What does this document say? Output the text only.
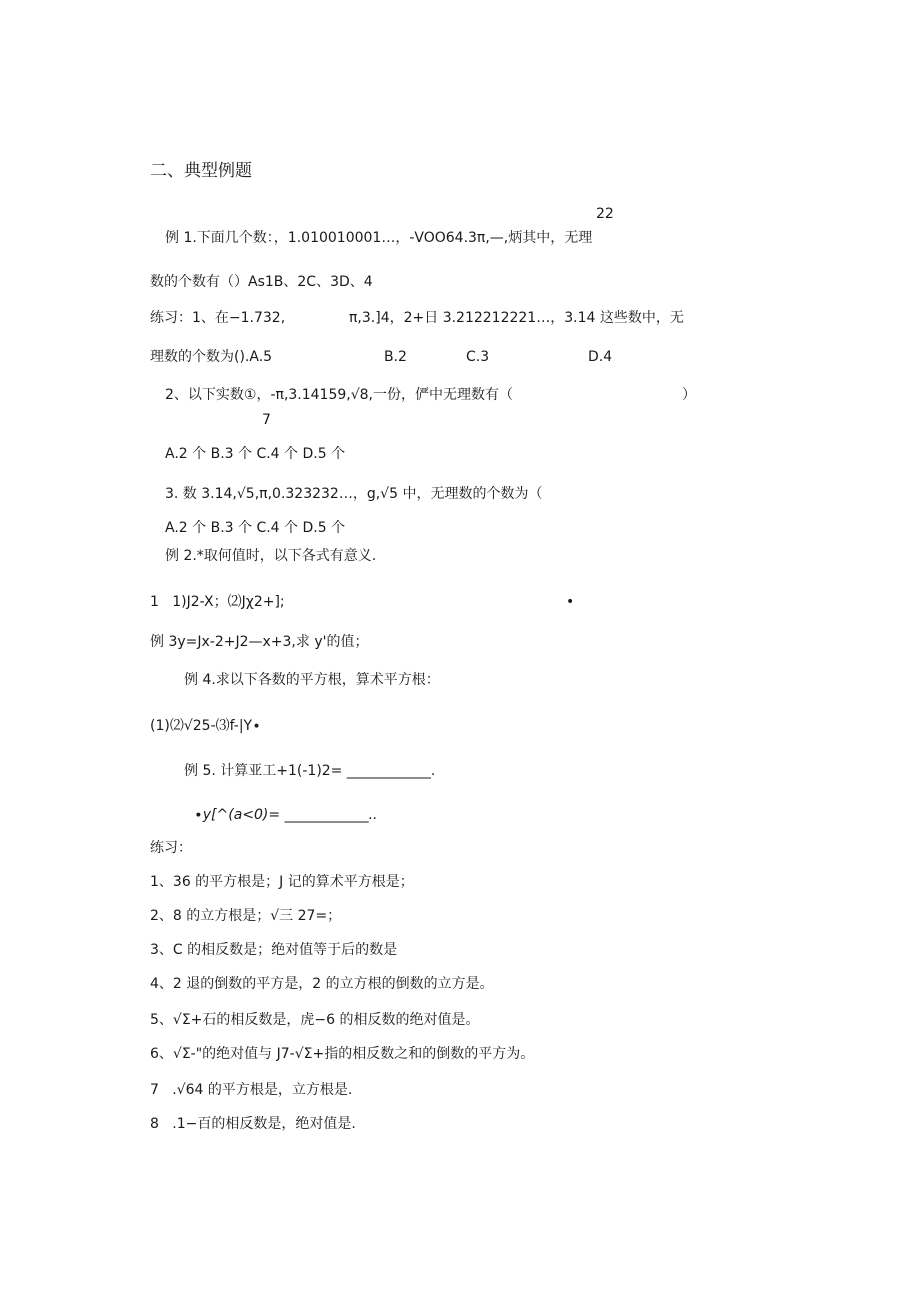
二、典型例题
22
例 1.下面几个数：，1.010010001…，-VOO64.3π,—,炳其中，无理
数的个数有（）As1B、2C、3D、4
练习：1、在−1.732,	π,3.]4，2+日 3.212212221…，3.14 这些数中，无
理数的个数为().A.5	B.2	C.3	D.4
2、以下实数①，-π,3.14159,√8,一份，俨中无理数有（	）
7
A.2 个 B.3 个 C.4 个 D.5 个
3. 数 3.14,√5,π,0.323232…，g,√5 中，无理数的个数为（
A.2 个 B.3 个 C.4 个 D.5 个
例 2.*取何值时，以下各式有意义.
1   1)J2-X；⑵Jχ2+];	•
例 3y=Jx-2+J2—x+3,求 y'的值；
例 4.求以下各数的平方根，算术平方根：
(1)⑵√25-⑶f-|Y∙
例 5. 计算亚工+1(-1)2= ____________.
∙y[^(a<0)= ____________..
练习：
1、36 的平方根是；J 记的算术平方根是；
2、8 的立方根是；√三 27=；
3、C 的相反数是；绝对值等于后的数是
4、2 退的倒数的平方是，2 的立方根的倒数的立方是。
5、√Σ+石的相反数是，虎−6 的相反数的绝对值是。
6、√Σ-"的绝对值与 J7-√Σ+指的相反数之和的倒数的平方为。
7   .√64 的平方根是，立方根是.
8   .1−百的相反数是，绝对值是.
